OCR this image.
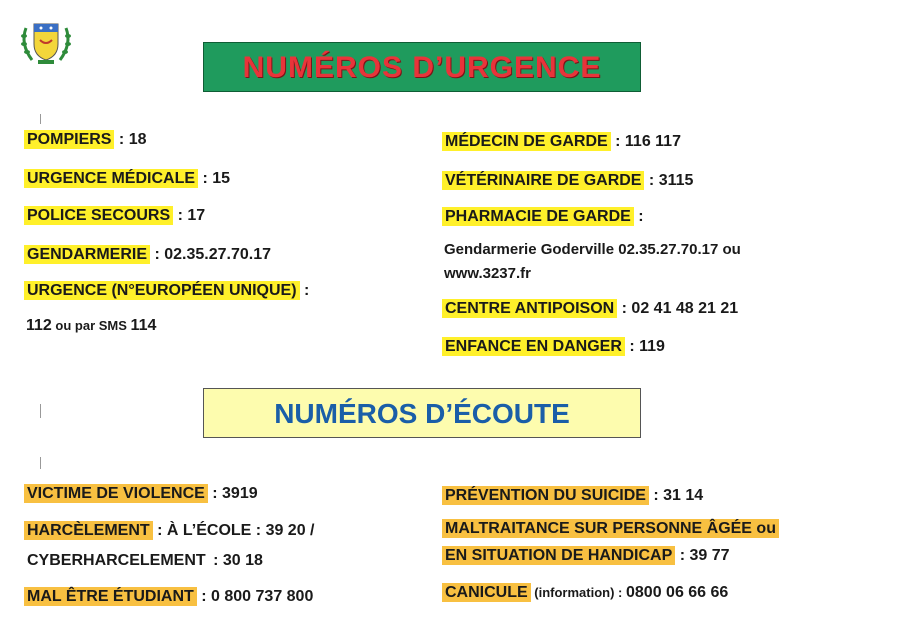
NUMÉROS D’URGENCE
POMPIERS : 18
URGENCE MÉDICALE : 15
POLICE SECOURS : 17
GENDARMERIE : 02.35.27.70.17
URGENCE (N°EUROPÉEN UNIQUE) :
112 ou par SMS 114
MÉDECIN DE GARDE : 116 117
VÉTÉRINAIRE DE GARDE : 3115
PHARMACIE DE GARDE :
Gendarmerie Goderville 02.35.27.70.17 ou
www.3237.fr
CENTRE ANTIPOISON : 02 41 48 21 21
ENFANCE EN DANGER : 119
NUMÉROS D’ÉCOUTE
VICTIME DE VIOLENCE : 3919
HARCÈLEMENT : À L’ÉCOLE : 39 20 /
CYBERHARCELEMENT : 30 18
MAL ÊTRE ÉTUDIANT : 0 800 737 800
PRÉVENTION DU SUICIDE : 31 14
MALTRAITANCE SUR PERSONNE ÂGÉE ou
EN SITUATION DE HANDICAP : 39 77
CANICULE (information) : 0800 06 66 66
